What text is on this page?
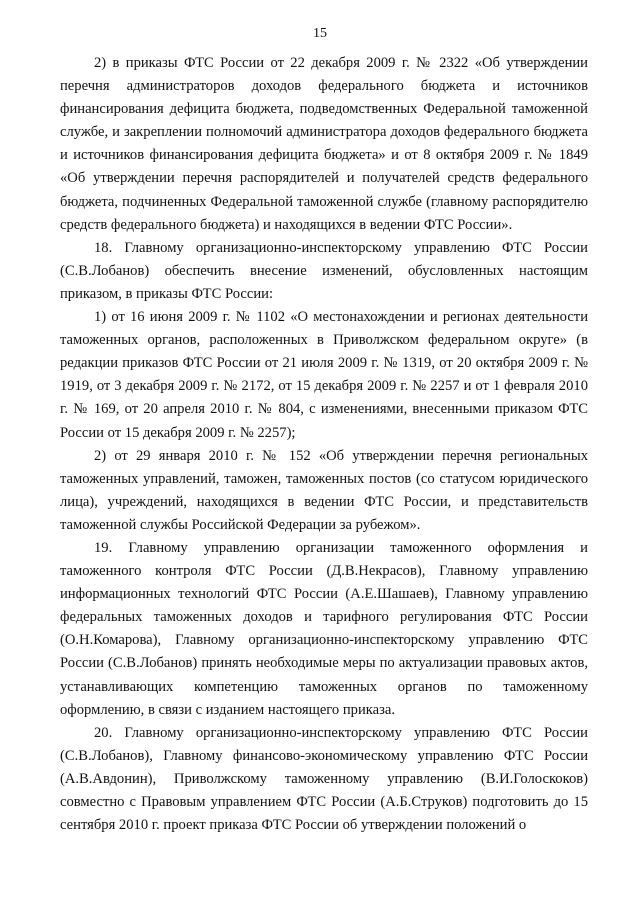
15

2) в приказы ФТС России от 22 декабря 2009 г. № 2322 «Об утверждении перечня администраторов доходов федерального бюджета и источников финансирования дефицита бюджета, подведомственных Федеральной таможенной службе, и закреплении полномочий администратора доходов федерального бюджета и источников финансирования дефицита бюджета» и от 8 октября 2009 г. № 1849 «Об утверждении перечня распорядителей и получателей средств федерального бюджета, подчиненных Федеральной таможенной службе (главному распорядителю средств федерального бюджета) и находящихся в ведении ФТС России».

18. Главному организационно-инспекторскому управлению ФТС России (С.В.Лобанов) обеспечить внесение изменений, обусловленных настоящим приказом, в приказы ФТС России:

1) от 16 июня 2009 г. № 1102 «О местонахождении и регионах деятельности таможенных органов, расположенных в Приволжском федеральном округе» (в редакции приказов ФТС России от 21 июля 2009 г. № 1319, от 20 октября 2009 г. № 1919, от 3 декабря 2009 г. № 2172, от 15 декабря 2009 г. № 2257 и от 1 февраля 2010 г. № 169, от 20 апреля 2010 г. № 804, с изменениями, внесенными приказом ФТС России от 15 декабря 2009 г. № 2257);

2) от 29 января 2010 г. № 152 «Об утверждении перечня региональных таможенных управлений, таможен, таможенных постов (со статусом юридического лица), учреждений, находящихся в ведении ФТС России, и представительств таможенной службы Российской Федерации за рубежом».

19. Главному управлению организации таможенного оформления и таможенного контроля ФТС России (Д.В.Некрасов), Главному управлению информационных технологий ФТС России (А.Е.Шашаев), Главному управлению федеральных таможенных доходов и тарифного регулирования ФТС России (О.Н.Комарова), Главному организационно-инспекторскому управлению ФТС России (С.В.Лобанов) принять необходимые меры по актуализации правовых актов, устанавливающих компетенцию таможенных органов по таможенному оформлению, в связи с изданием настоящего приказа.

20. Главному организационно-инспекторскому управлению ФТС России (С.В.Лобанов), Главному финансово-экономическому управлению ФТС России (А.В.Авдонин), Приволжскому таможенному управлению (В.И.Голоскоков) совместно с Правовым управлением ФТС России (А.Б.Струков) подготовить до 15 сентября 2010 г. проект приказа ФТС России об утверждении положений о
